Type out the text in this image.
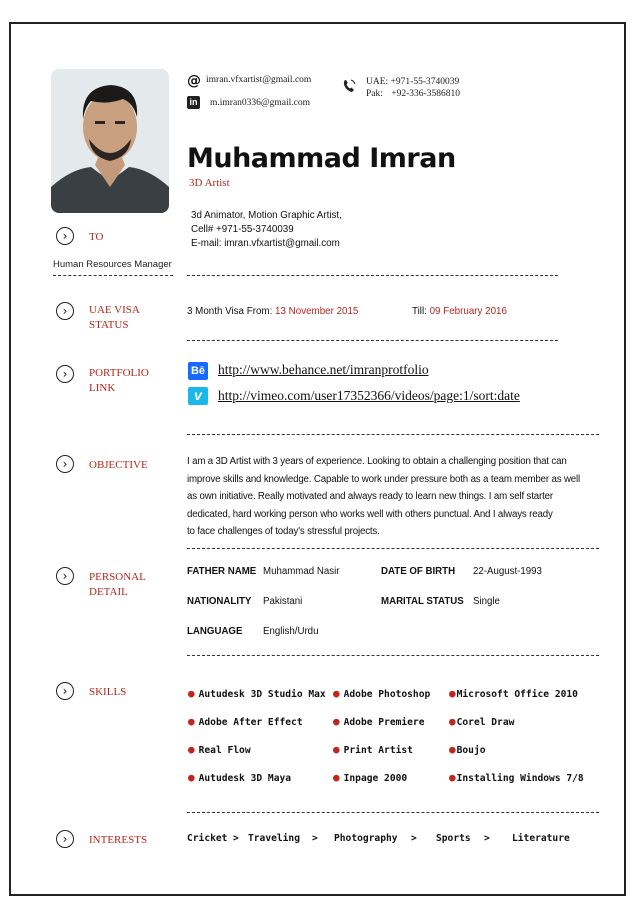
@ imran.vfxartist@gmail.com
in m.imran0336@gmail.com
UAE: +971-55-3740039
Pak: +92-336-3586810
Muhammad Imran
3D Artist
3d Animator, Motion Graphic Artist,
Cell# +971-55-3740039
E-mail: imran.vfxartist@gmail.com
›	TO
Human Resources Manager
›	UAE VISA STATUS
3 Month Visa From: 13 November 2015	Till: 09 February 2016
›	PORTFOLIO LINK
Bē http://www.behance.net/imranprotfolio
v	http://vimeo.com/user17352366/videos/page:1/sort:date
›	OBJECTIVE	I am a 3D Artist with 3 years of experience. Looking to obtain a challenging position that can
improve skills and knowledge. Capable to work under pressure both as a team member as well
as own initiative. Really motivated and always ready to learn new things. I am self starter
dedicated, hard working person who works well with others punctual. And I always ready
to face challenges of today's stressful projects.
›	PERSONAL DETAIL
FATHER NAME Muhammad Nasir	DATE OF BIRTH 22-August-1993
NATIONALITY Pakistani	MARITAL STATUS Single
LANGUAGE English/Urdu
›	SKILLS	● Autudesk 3D Studio Max ● Adobe Photoshop ●Microsoft Office 2010
● Adobe After Effect	● Adobe Premiere ●Corel Draw
● Real Flow	● Print Artist	●Boujo
● Autudesk 3D Maya	● Inpage 2000	●Installing Windows 7/8
›	INTERESTS	Cricket > Traveling > Photography > Sports > Literature
